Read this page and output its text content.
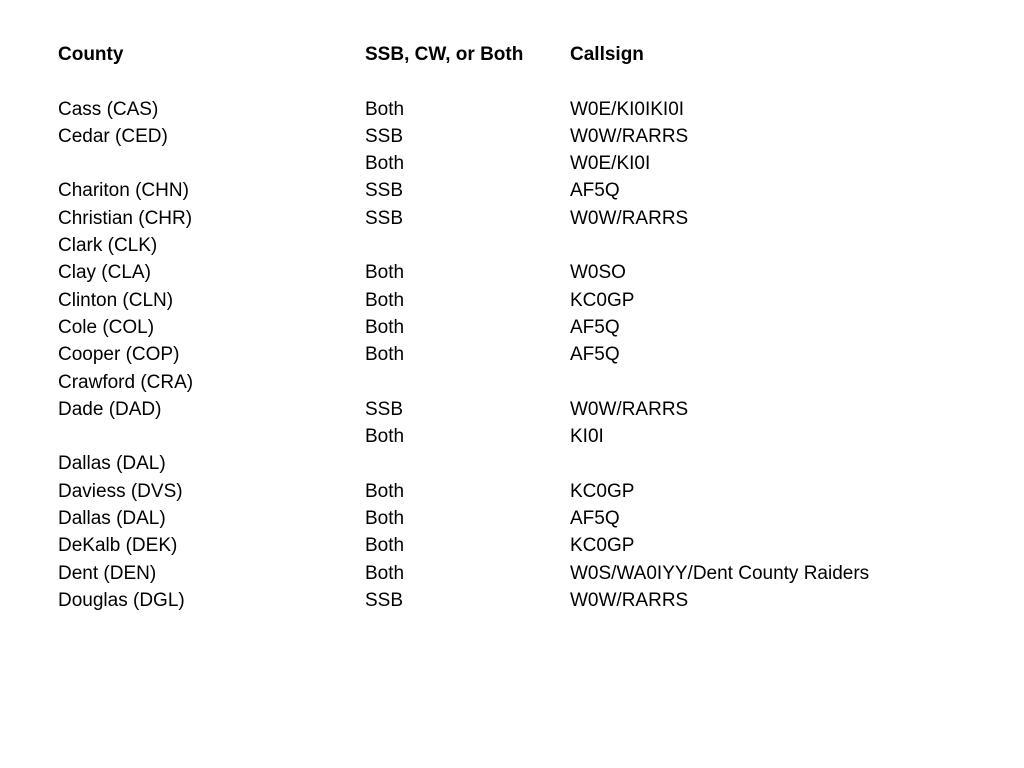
County	SSB, CW, or Both	Callsign

Cass (CAS)	Both	W0E/KI0IKI0I
Cedar (CED)	SSB	W0W/RARRS
	Both	W0E/KI0I
Chariton (CHN)	SSB	AF5Q
Christian (CHR)	SSB	W0W/RARRS
Clark (CLK)		
Clay (CLA)	Both	W0SO
Clinton (CLN)	Both	KC0GP
Cole (COL)	Both	AF5Q
Cooper (COP)	Both	AF5Q
Crawford (CRA)		
Dade (DAD)	SSB	W0W/RARRS
	Both	KI0I
Dallas (DAL)		
Daviess (DVS)	Both	KC0GP
Dallas (DAL)	Both	AF5Q
DeKalb (DEK)	Both	KC0GP
Dent (DEN)	Both	W0S/WA0IYY/Dent County Raiders
Douglas (DGL)	SSB	W0W/RARRS
